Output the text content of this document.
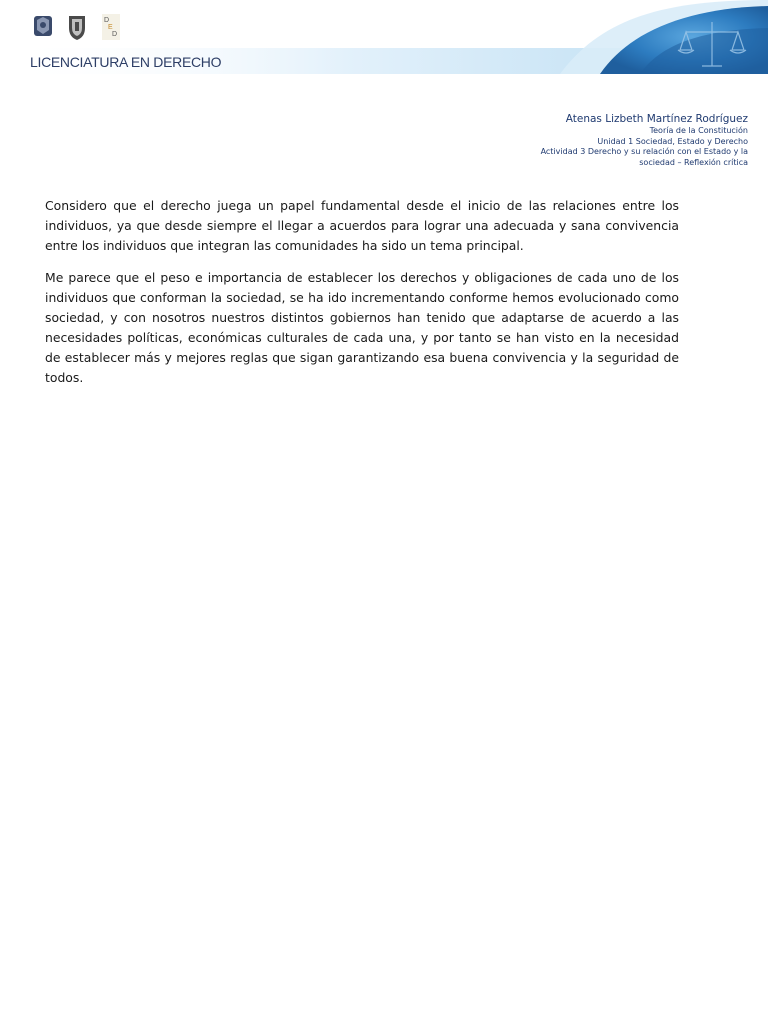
D
E
D
LICENCIATURA EN DERECHO
Atenas Lizbeth Martínez Rodríguez
Teoría de la Constitución
Unidad 1 Sociedad, Estado y Derecho
Actividad 3 Derecho y su relación con el Estado y la
sociedad – Reflexión crítica

Considero que el derecho juega un papel fundamental desde el inicio de las relaciones entre los individuos, ya que desde siempre el llegar a acuerdos para lograr una adecuada y sana convivencia entre los individuos que integran las comunidades ha sido un tema principal.

Me parece que el peso e importancia de establecer los derechos y obligaciones de cada uno de los individuos que conforman la sociedad, se ha ido incrementando conforme hemos evolucionado como sociedad, y con nosotros nuestros distintos gobiernos han tenido que adaptarse de acuerdo a las necesidades políticas, económicas culturales de cada una, y por tanto se han visto en la necesidad de establecer más y mejores reglas que sigan garantizando esa buena convivencia y la seguridad de todos.
